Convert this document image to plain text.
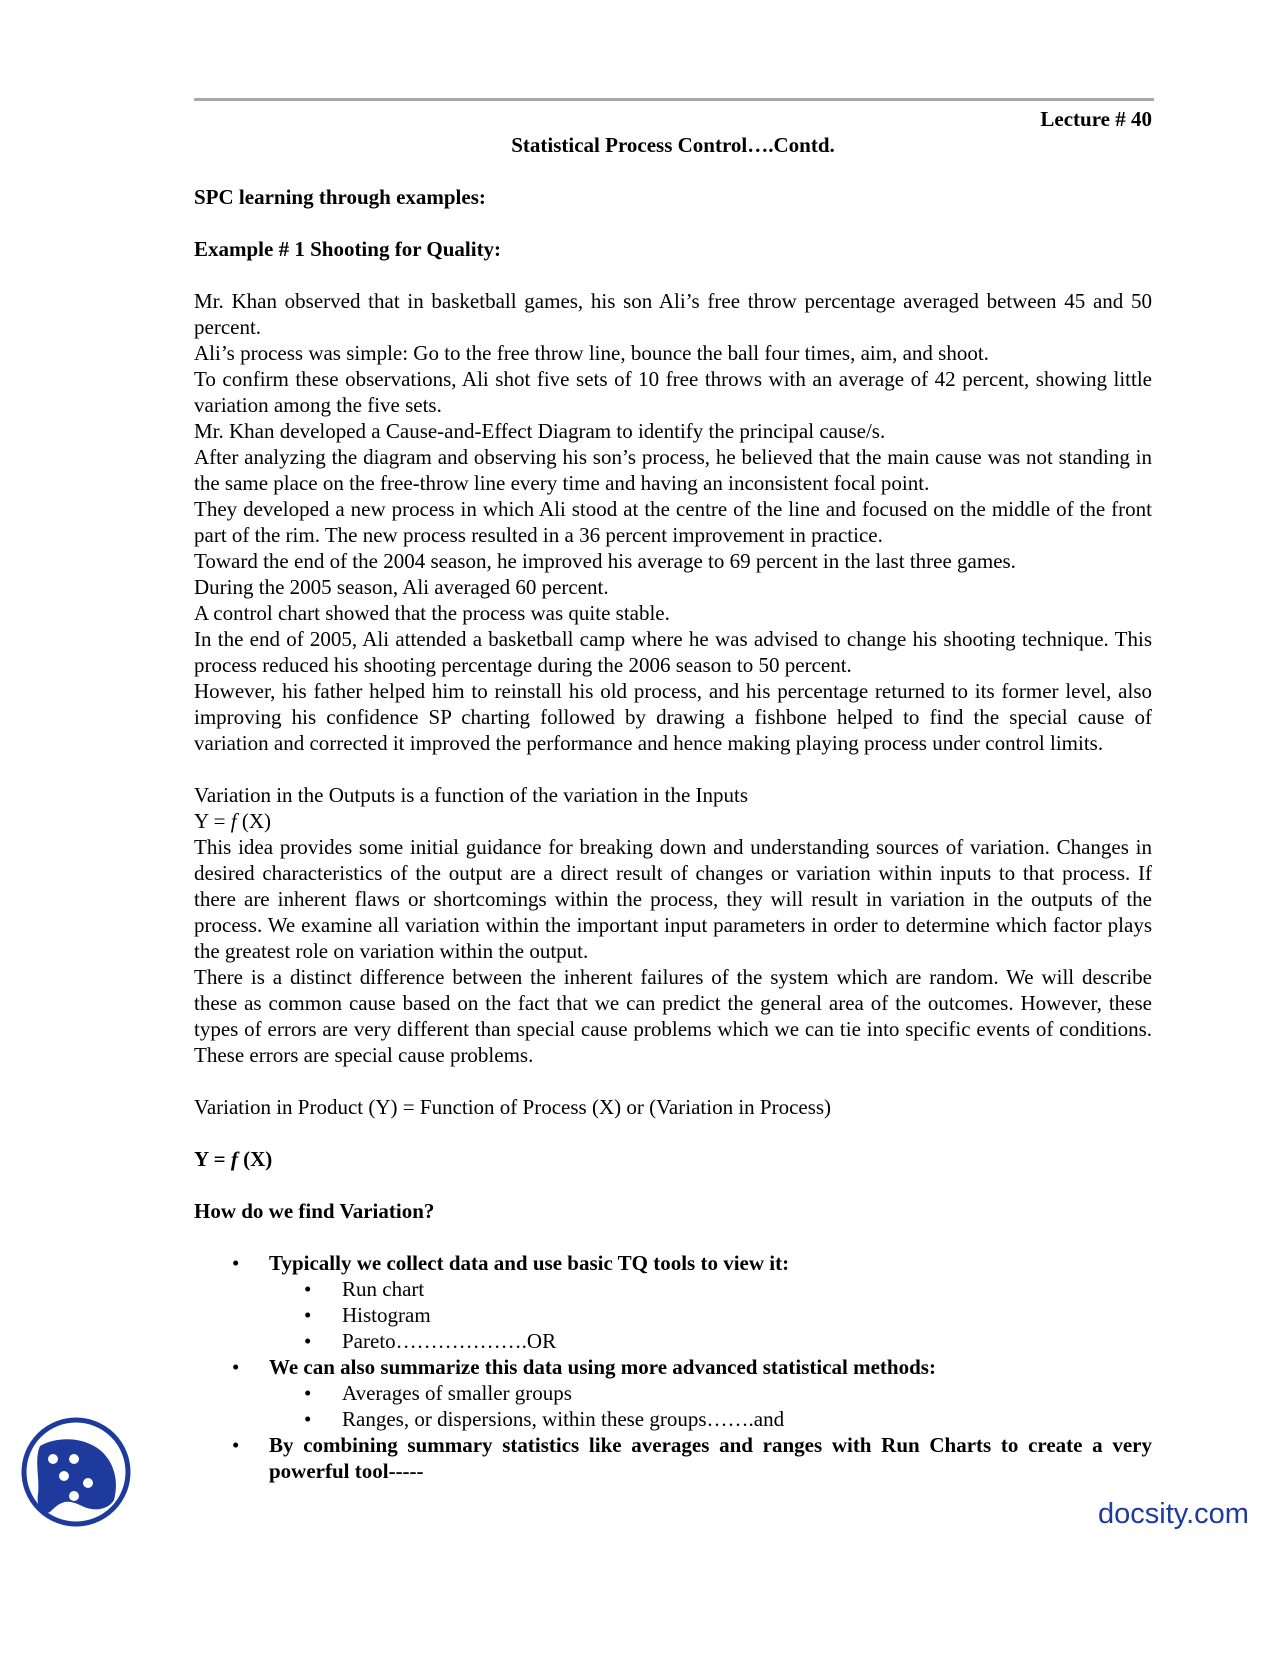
Lecture # 40
Statistical Process Control….Contd.
SPC learning through examples:
Example # 1 Shooting for Quality:

Mr. Khan observed that in basketball games, his son Ali’s free throw percentage averaged between 45 and 50 percent.

Ali’s process was simple: Go to the free throw line, bounce the ball four times, aim, and shoot.

To confirm these observations, Ali shot five sets of 10 free throws with an average of 42 percent, showing little variation among the five sets.

Mr. Khan developed a Cause-and-Effect Diagram to identify the principal cause/s.

After analyzing the diagram and observing his son’s process, he believed that the main cause was not standing in the same place on the free-throw line every time and having an inconsistent focal point.

They developed a new process in which Ali stood at the centre of the line and focused on the middle of the front part of the rim. The new process resulted in a 36 percent improvement in practice.

Toward the end of the 2004 season, he improved his average to 69 percent in the last three games.

During the 2005 season, Ali averaged 60 percent.

A control chart showed that the process was quite stable.

In the end of 2005, Ali attended a basketball camp where he was advised to change his shooting technique. This process reduced his shooting percentage during the 2006 season to 50 percent.

However, his father helped him to reinstall his old process, and his percentage returned to its former level, also improving his confidence SP charting followed by drawing a fishbone helped to find the special cause of variation and corrected it improved the performance and hence making playing process under control limits.

Variation in the Outputs is a function of the variation in the Inputs

Y = f (X)

This idea provides some initial guidance for breaking down and understanding sources of variation. Changes in desired characteristics of the output are a direct result of changes or variation within inputs to that process. If there are inherent flaws or shortcomings within the process, they will result in variation in the outputs of the process. We examine all variation within the important input parameters in order to determine which factor plays the greatest role on variation within the output.

There is a distinct difference between the inherent failures of the system which are random. We will describe these as common cause based on the fact that we can predict the general area of the outcomes. However, these types of errors are very different than special cause problems which we can tie into specific events of conditions. These errors are special cause problems.

Variation in Product (Y) = Function of Process (X) or (Variation in Process)

Y = f (X)

How do we find Variation?
• Typically we collect data and use basic TQ tools to view it:
• Run chart
• Histogram
• Pareto……………….OR
• We can also summarize this data using more advanced statistical methods:
• Averages of smaller groups
• Ranges, or dispersions, within these groups…….and
• By combining summary statistics like averages and ranges with Run Charts to create a very powerful tool-----
docsity.com
